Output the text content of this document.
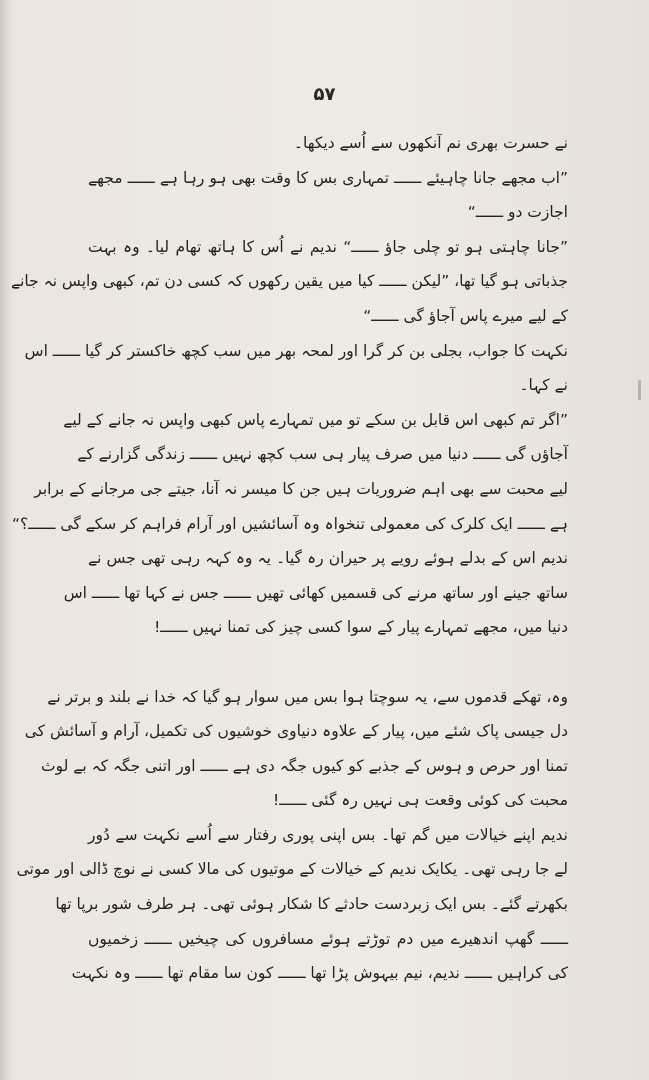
۵۷
نے حسرت بھری نم آنکھوں سے اُسے دیکھا۔
”اب مجھے جانا چاہیئے ــــــ تمہاری بس کا وقت بھی ہو رہا ہے ــــــ مجھے
اجازت دو ــــــ“
”جانا چاہتی ہو تو چلی جاؤ ــــــ“ ندیم نے اُس کا ہاتھ تھام لیا۔ وہ بہت
جذباتی ہو گیا تھا، ”لیکن ــــــ کیا میں یقین رکھوں کہ کسی دن تم، کبھی واپس نہ جانے
کے لیے میرے پاس آجاؤ گی ــــــ“
نکہت کا جواب، بجلی بن کر گرا اور لمحہ بھر میں سب کچھ خاکستر کر گیا ــــــ اس
نے کہا۔
”اگر تم کبھی اس قابل بن سکے تو میں تمہارے پاس کبھی واپس نہ جانے کے لیے
آجاؤں گی ــــــ دنیا میں صرف پیار ہی سب کچھ نہیں ــــــ زندگی گزارنے کے
لیے محبت سے بھی اہم ضروریات ہیں جن کا میسر نہ آنا، جیتے جی مرجانے کے برابر
ہے ــــــ ایک کلرک کی معمولی تنخواہ وہ آسائشیں اور آرام فراہم کر سکے گی ــــــ؟“
ندیم اس کے بدلے ہوئے رویے پر حیران رہ گیا۔ یہ وہ کہہ رہی تھی جس نے
ساتھ جینے اور ساتھ مرنے کی قسمیں کھائی تھیں ــــــ جس نے کہا تھا ــــــ اس
دنیا میں، مجھے تمہارے پیار کے سوا کسی چیز کی تمنا نہیں ــــــ!
وہ، تھکے قدموں سے، یہ سوچتا ہوا بس میں سوار ہو گیا کہ خدا نے بلند و برتر نے
دل جیسی پاک شئے میں، پیار کے علاوہ دنیاوی خوشیوں کی تکمیل، آرام و آسائش کی
تمنا اور حرص و ہوس کے جذبے کو کیوں جگہ دی ہے ــــــ اور اتنی جگہ کہ بے لوث
محبت کی کوئی وقعت ہی نہیں رہ گئی ــــــ!
ندیم اپنے خیالات میں گم تھا۔ بس اپنی پوری رفتار سے اُسے نکہت سے دُور
لے جا رہی تھی۔ یکایک ندیم کے خیالات کے موتیوں کی مالا کسی نے نوچ ڈالی اور موتی
بکھرتے گئے۔ بس ایک زبردست حادثے کا شکار ہوئی تھی۔ ہر طرف شور برپا تھا
ــــــ گھپ اندھیرے میں دم توڑتے ہوئے مسافروں کی چیخیں ــــــ زخمیوں
کی کراہیں ــــــ ندیم، نیم بیہوش پڑا تھا ــــــ کون سا مقام تھا ــــــ وہ نکہت
